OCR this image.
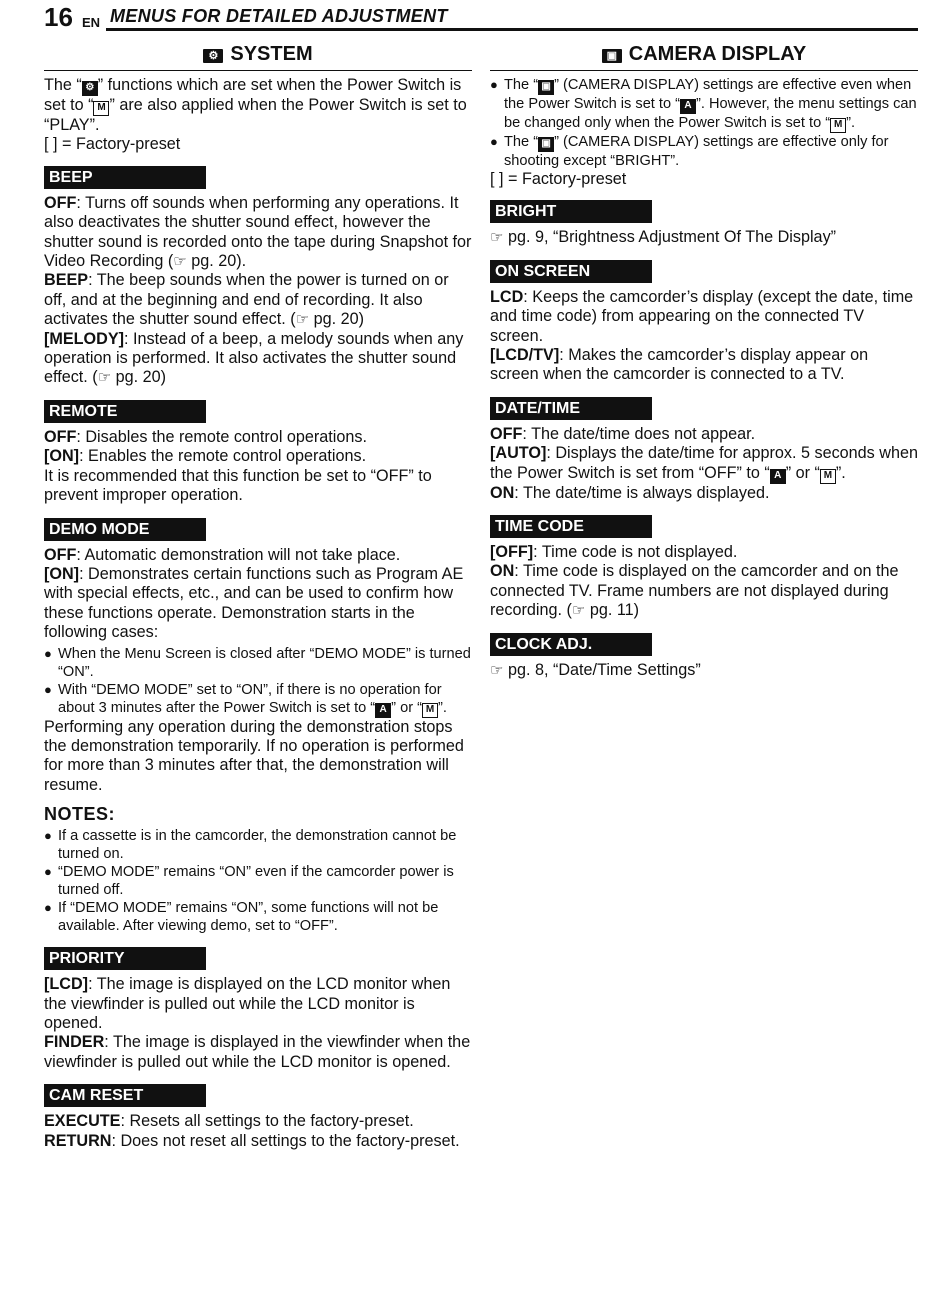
16 EN MENUS FOR DETAILED ADJUSTMENT
⚙ SYSTEM

The “ ⚙ ” functions which are set when the Power Switch is set to “ M ” are also applied when the Power Switch is set to “PLAY”.

[ ] = Factory-preset

BEEP

OFF: Turns off sounds when performing any operations. It also deactivates the shutter sound effect, however the shutter sound is recorded onto the tape during Snapshot for Video Recording (☞ pg. 20).

BEEP: The beep sounds when the power is turned on or off, and at the beginning and end of recording. It also activates the shutter sound effect. (☞ pg. 20)

[MELODY]: Instead of a beep, a melody sounds when any operation is performed. It also activates the shutter sound effect. (☞ pg. 20)

REMOTE

OFF: Disables the remote control operations.

[ON]: Enables the remote control operations.

It is recommended that this function be set to “OFF” to prevent improper operation.

DEMO MODE

OFF: Automatic demonstration will not take place.

[ON]: Demonstrates certain functions such as Program AE with special effects, etc., and can be used to confirm how these functions operate. Demonstration starts in the following cases:

● When the Menu Screen is closed after “DEMO MODE” is turned “ON”.
● With “DEMO MODE” set to “ON”, if there is no operation for about 3 minutes after the Power Switch is set to “ A ” or “ M ”.

Performing any operation during the demonstration stops the demonstration temporarily. If no operation is performed for more than 3 minutes after that, the demonstration will resume.

NOTES:
● If a cassette is in the camcorder, the demonstration cannot be turned on.
● “DEMO MODE” remains “ON” even if the camcorder power is turned off.
● If “DEMO MODE” remains “ON”, some functions will not be available. After viewing demo, set to “OFF”.
PRIORITY

[LCD]: The image is displayed on the LCD monitor when the viewfinder is pulled out while the LCD monitor is opened.

FINDER: The image is displayed in the viewfinder when the viewfinder is pulled out while the LCD monitor is opened.

CAM RESET

EXECUTE: Resets all settings to the factory-preset.

RETURN: Does not reset all settings to the factory-preset.

▣ CAMERA DISPLAY
● The “ ▣ ” (CAMERA DISPLAY) settings are effective even when the Power Switch is set to “ A ”. However, the menu settings can be changed only when the Power Switch is set to “ M ”.
● The “ ▣ ” (CAMERA DISPLAY) settings are effective only for shooting except “BRIGHT”.

[ ] = Factory-preset

BRIGHT

☞ pg. 9, “Brightness Adjustment Of The Display”

ON SCREEN

LCD: Keeps the camcorder’s display (except the date, time and time code) from appearing on the connected TV screen.

[LCD/TV]: Makes the camcorder’s display appear on screen when the camcorder is connected to a TV.

DATE/TIME

OFF: The date/time does not appear.

[AUTO]: Displays the date/time for approx. 5 seconds when the Power Switch is set from “OFF” to “ A ” or “ M ”.

ON: The date/time is always displayed.

TIME CODE

[OFF]: Time code is not displayed.

ON: Time code is displayed on the camcorder and on the connected TV. Frame numbers are not displayed during recording. (☞ pg. 11)

CLOCK ADJ.

☞ pg. 8, “Date/Time Settings”
